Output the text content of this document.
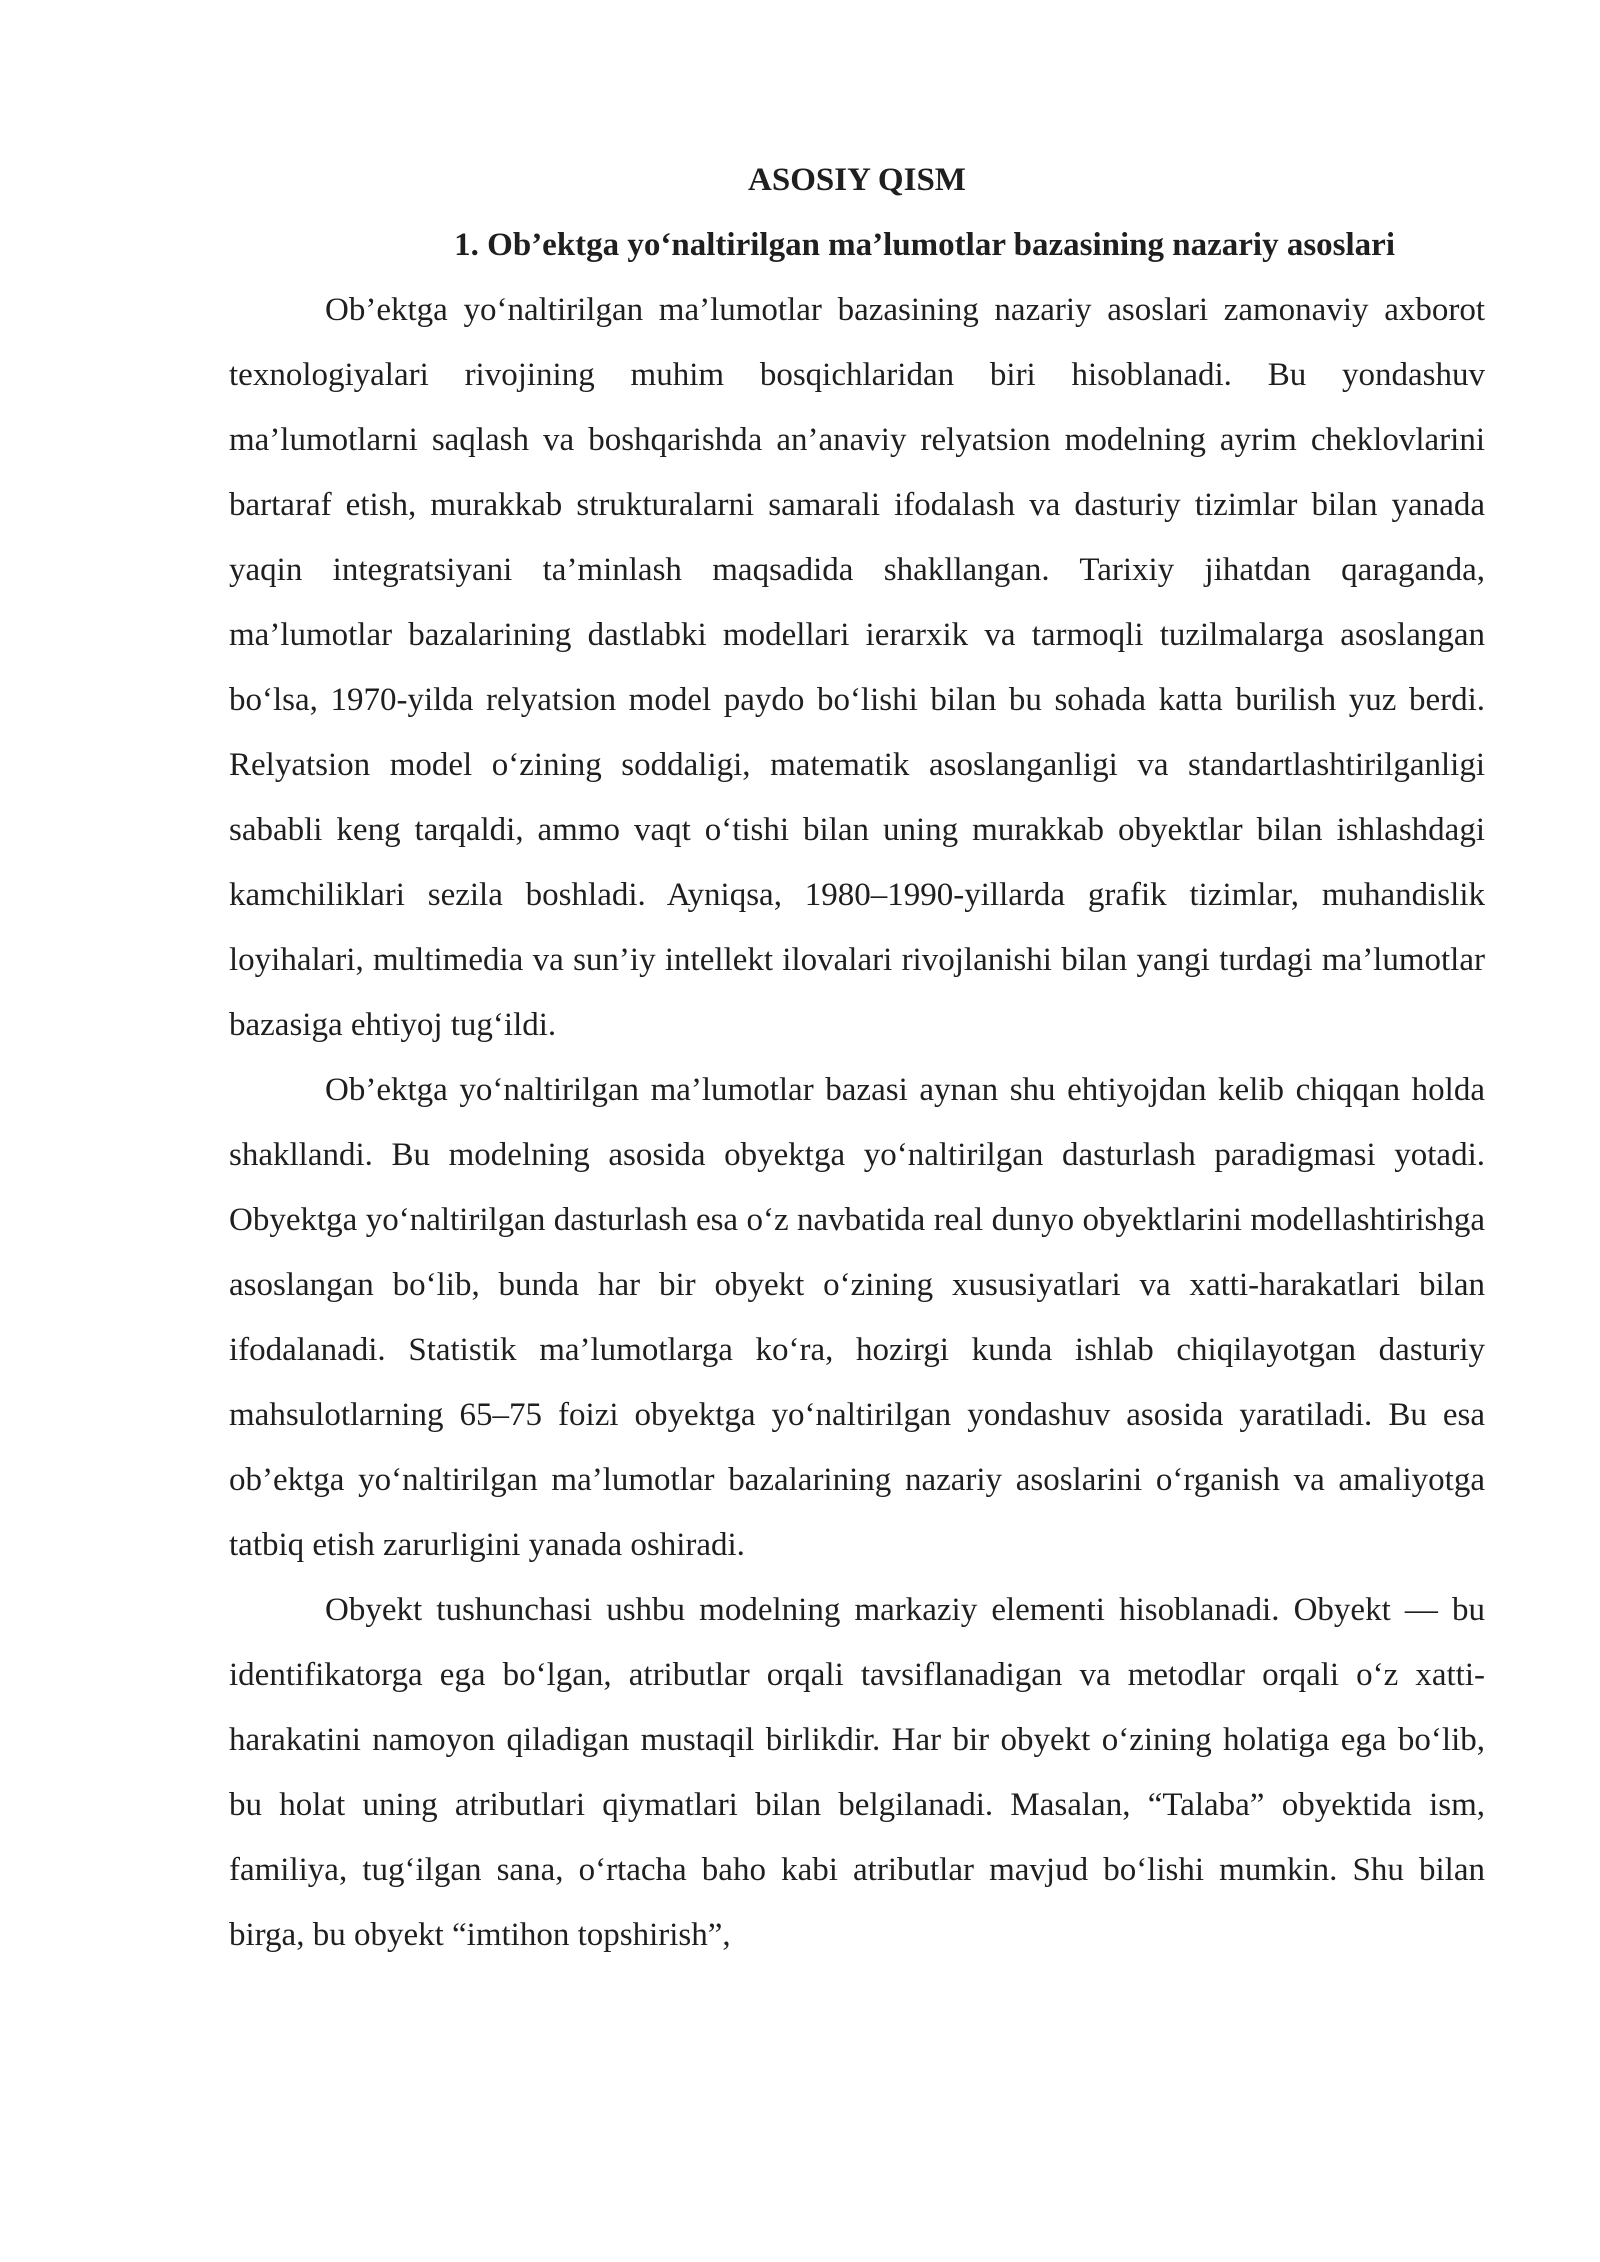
ASOSIY QISM

1. Ob’ektga yo‘naltirilgan ma’lumotlar bazasining nazariy asoslari

Ob’ektga yo‘naltirilgan ma’lumotlar bazasining nazariy asoslari zamonaviy axborot texnologiyalari rivojining muhim bosqichlaridan biri hisoblanadi. Bu yondashuv ma’lumotlarni saqlash va boshqarishda an’anaviy relyatsion modelning ayrim cheklovlarini bartaraf etish, murakkab strukturalarni samarali ifodalash va dasturiy tizimlar bilan yanada yaqin integratsiyani ta’minlash maqsadida shakllangan. Tarixiy jihatdan qaraganda, ma’lumotlar bazalarining dastlabki modellari ierarxik va tarmoqli tuzilmalarga asoslangan bo‘lsa, 1970-yilda relyatsion model paydo bo‘lishi bilan bu sohada katta burilish yuz berdi. Relyatsion model o‘zining soddaligi, matematik asoslanganligi va standartlashtirilganligi sababli keng tarqaldi, ammo vaqt o‘tishi bilan uning murakkab obyektlar bilan ishlashdagi kamchiliklari sezila boshladi. Ayniqsa, 1980–1990-yillarda grafik tizimlar, muhandislik loyihalari, multimedia va sun’iy intellekt ilovalari rivojlanishi bilan yangi turdagi ma’lumotlar bazasiga ehtiyoj tug‘ildi.

Ob’ektga yo‘naltirilgan ma’lumotlar bazasi aynan shu ehtiyojdan kelib chiqqan holda shakllandi. Bu modelning asosida obyektga yo‘naltirilgan dasturlash paradigmasi yotadi. Obyektga yo‘naltirilgan dasturlash esa o‘z navbatida real dunyo obyektlarini modellashtirishga asoslangan bo‘lib, bunda har bir obyekt o‘zining xususiyatlari va xatti-harakatlari bilan ifodalanadi. Statistik ma’lumotlarga ko‘ra, hozirgi kunda ishlab chiqilayotgan dasturiy mahsulotlarning 65–75 foizi obyektga yo‘naltirilgan yondashuv asosida yaratiladi. Bu esa ob’ektga yo‘naltirilgan ma’lumotlar bazalarining nazariy asoslarini o‘rganish va amaliyotga tatbiq etish zarurligini yanada oshiradi.

Obyekt tushunchasi ushbu modelning markaziy elementi hisoblanadi. Obyekt — bu identifikatorga ega bo‘lgan, atributlar orqali tavsiflanadigan va metodlar orqali o‘z xatti-harakatini namoyon qiladigan mustaqil birlikdir. Har bir obyekt o‘zining holatiga ega bo‘lib, bu holat uning atributlari qiymatlari bilan belgilanadi. Masalan, “Talaba” obyektida ism, familiya, tug‘ilgan sana, o‘rtacha baho kabi atributlar mavjud bo‘lishi mumkin. Shu bilan birga, bu obyekt “imtihon topshirish”,
